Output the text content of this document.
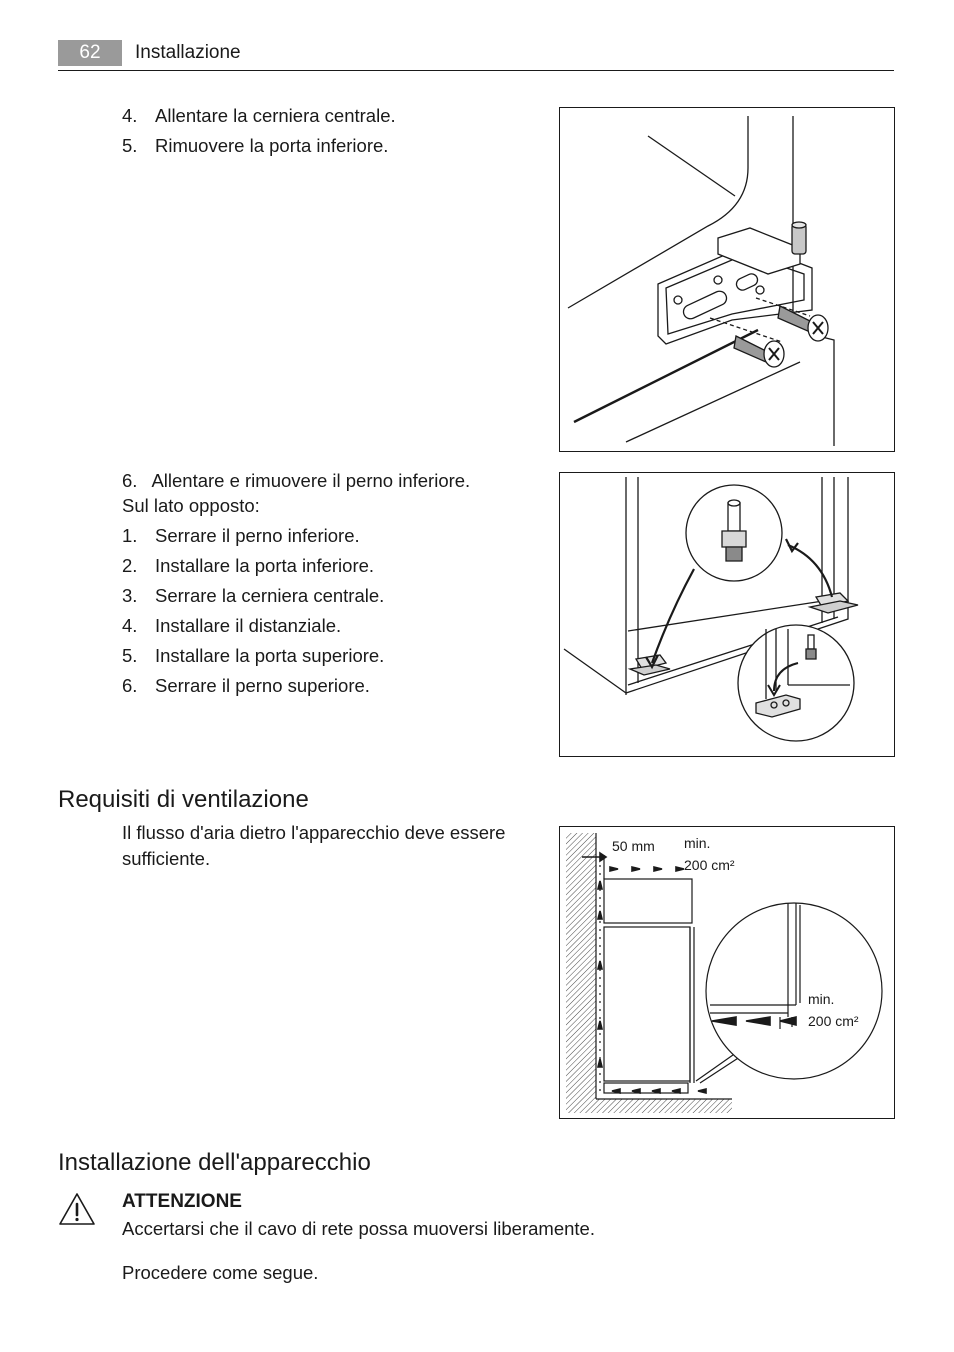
62	Installazione
4. Allentare la cerniera centrale.
5. Rimuovere la porta inferiore.
6. Allentare e rimuovere il perno inferiore.
Sul lato opposto:
1. Serrare il perno inferiore.
2. Installare la porta inferiore.
3. Serrare la cerniera centrale.
4. Installare il distanziale.
5. Installare la porta superiore.
6. Serrare il perno superiore.
Requisiti di ventilazione
Il flusso d'aria dietro l'apparecchio deve essere sufficiente.
50 mm min.
200 cm²
min.
200 cm²
Installazione dell'apparecchio
ATTENZIONE
Accertarsi che il cavo di rete possa muoversi liberamente.
Procedere come segue.
